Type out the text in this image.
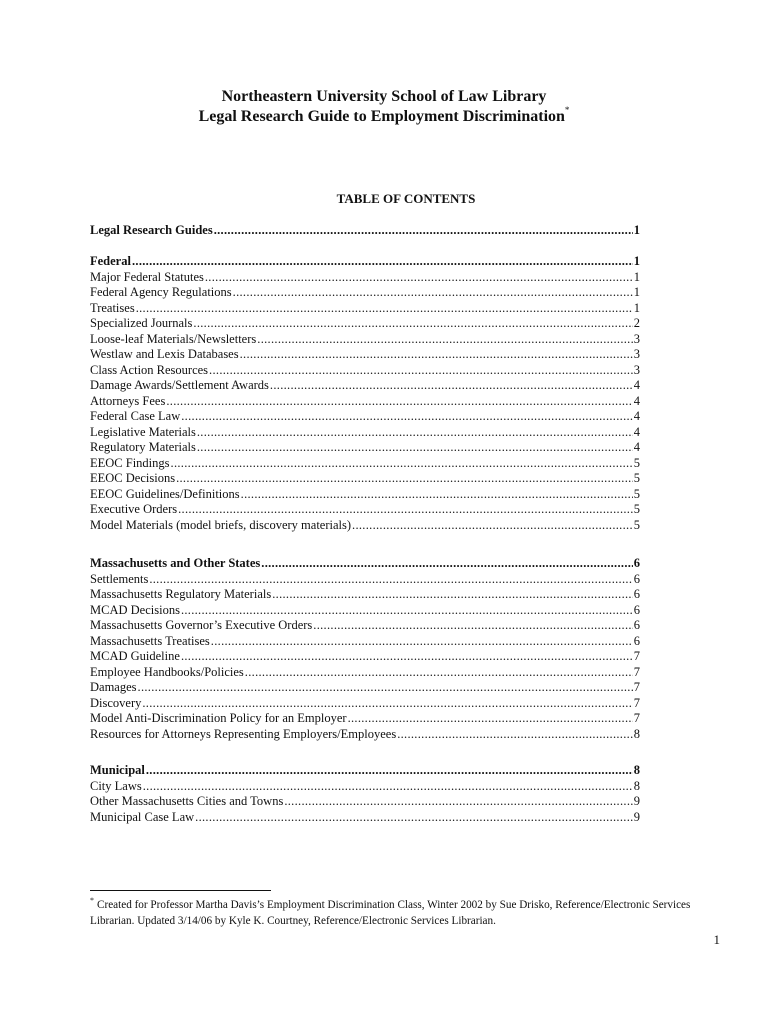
Northeastern University School of Law Library
Legal Research Guide to Employment Discrimination*
TABLE OF CONTENTS
Legal Research Guides .....	1
Federal .....	1
Major Federal Statutes .....	1
Federal Agency Regulations .....	1
Treatises .....	1
Specialized Journals .....	2
Loose-leaf Materials/Newsletters .....	3
Westlaw and Lexis Databases .....	3
Class Action Resources .....	3
Damage Awards/Settlement Awards .....	4
Attorneys Fees .....	4
Federal Case Law .....	4
Legislative Materials .....	4
Regulatory Materials .....	4
EEOC Findings .....	5
EEOC Decisions .....	5
EEOC Guidelines/Definitions .....	5
Executive Orders .....	5
Model Materials (model briefs, discovery materials) .....	5
Massachusetts and Other States .....	6
Settlements .....	6
Massachusetts Regulatory Materials .....	6
MCAD Decisions .....	6
Massachusetts Governor’s Executive Orders .....	6
Massachusetts Treatises .....	6
MCAD Guideline .....	7
Employee Handbooks/Policies .....	7
Damages .....	7
Discovery .....	7
Model Anti-Discrimination Policy for an Employer .....	7
Resources for Attorneys Representing Employers/Employees .....	8
Municipal .....	8
City Laws .....	8
Other Massachusetts Cities and Towns .....	9
Municipal Case Law .....	9
* Created for Professor Martha Davis’s Employment Discrimination Class, Winter 2002 by Sue Drisko, Reference/Electronic Services Librarian. Updated 3/14/06 by Kyle K. Courtney, Reference/Electronic Services Librarian.
1
